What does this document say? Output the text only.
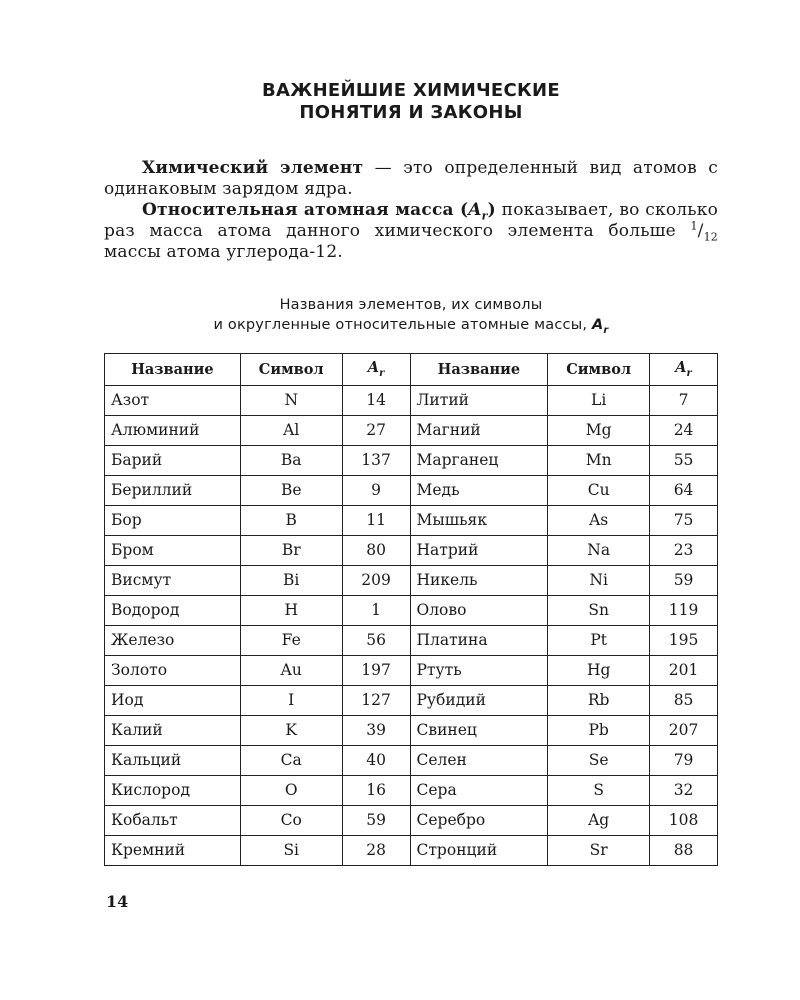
ВАЖНЕЙШИЕ ХИМИЧЕСКИЕ
ПОНЯТИЯ И ЗАКОНЫ

Химический элемент — это определенный вид атомов с одинаковым зарядом ядра.

Относительная атомная масса $(A_r)$ показывает, во сколько раз масса атома данного химического элемента больше $^1/_{12}$ массы атома углерода-12.

Названия элементов, их символы
и округленные относительные атомные массы, $A_r$
Название	Символ	$A_r$	Название	Символ	$A_r$
Азот	N	14	Литий	Li	7
Алюминий	Al	27	Магний	Mg	24
Барий	Ba	137	Марганец	Mn	55
Бериллий	Be	9	Медь	Cu	64
Бор	B	11	Мышьяк	As	75
Бром	Br	80	Натрий	Na	23
Висмут	Bi	209	Никель	Ni	59
Водород	H	1	Олово	Sn	119
Железо	Fe	56	Платина	Pt	195
Золото	Au	197	Ртуть	Hg	201
Иод	I	127	Рубидий	Rb	85
Калий	K	39	Свинец	Pb	207
Кальций	Ca	40	Селен	Se	79
Кислород	O	16	Сера	S	32
Кобальт	Co	59	Серебро	Ag	108
Кремний	Si	28	Стронций	Sr	88
14
